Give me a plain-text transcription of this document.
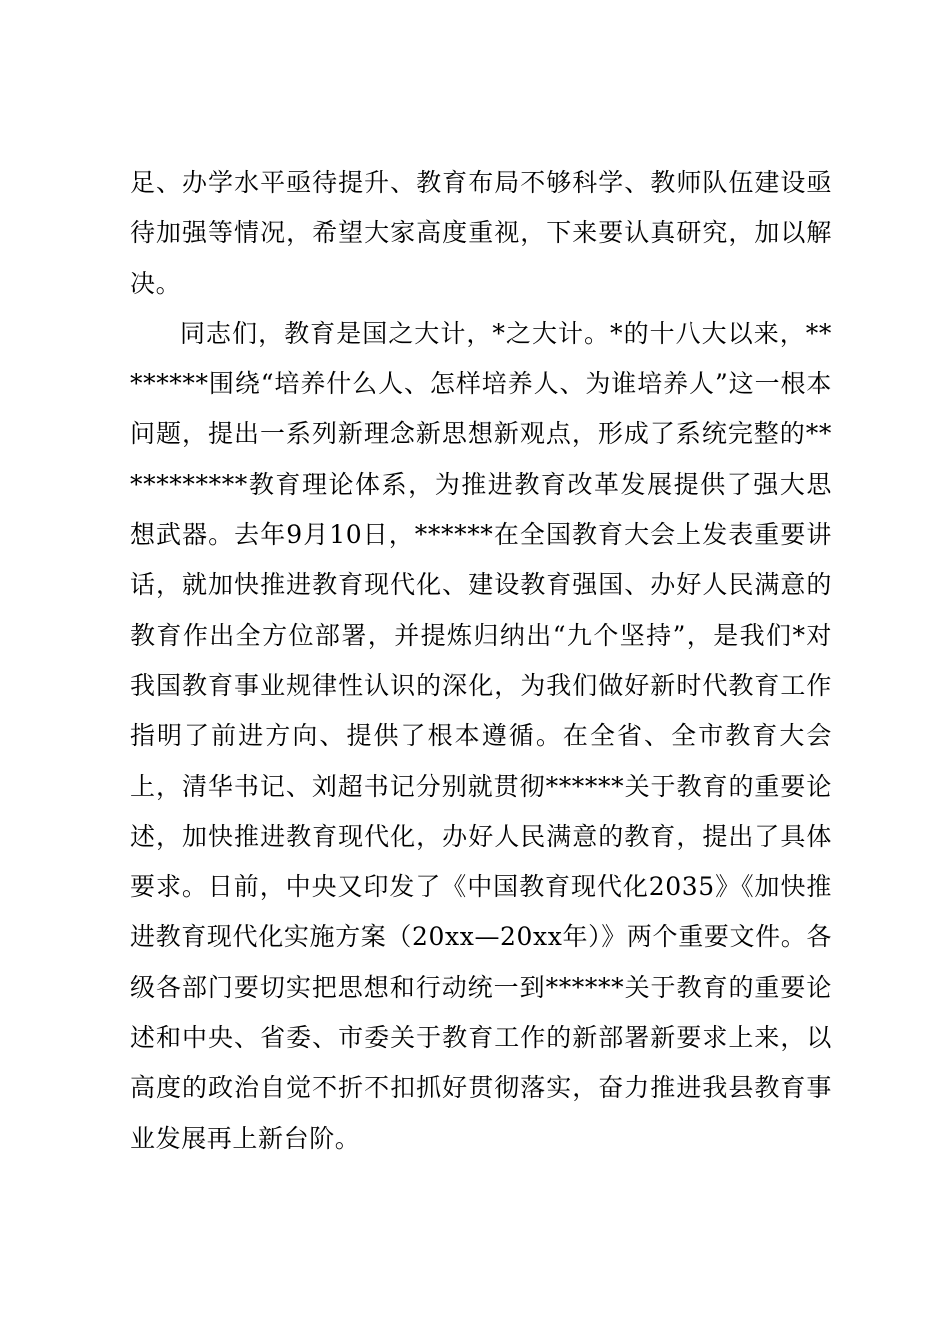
足、办学水平亟待提升、教育布局不够科学、教师队伍建设亟待加强等情况，希望大家高度重视，下来要认真研究，加以解决。

同志们，教育是国之大计，*之大计。*的十八大以来，********围绕“培养什么人、怎样培养人、为谁培养人”这一根本问题，提出一系列新理念新思想新观点，形成了系统完整的***********教育理论体系，为推进教育改革发展提供了强大思想武器。去年9月10日，******在全国教育大会上发表重要讲话，就加快推进教育现代化、建设教育强国、办好人民满意的教育作出全方位部署，并提炼归纳出“九个坚持”，是我们*对我国教育事业规律性认识的深化，为我们做好新时代教育工作指明了前进方向、提供了根本遵循。在全省、全市教育大会上，清华书记、刘超书记分别就贯彻******关于教育的重要论述，加快推进教育现代化，办好人民满意的教育，提出了具体要求。日前，中央又印发了《中国教育现代化2035》《加快推进教育现代化实施方案（20xx—20xx年）》两个重要文件。各级各部门要切实把思想和行动统一到******关于教育的重要论述和中央、省委、市委关于教育工作的新部署新要求上来，以高度的政治自觉不折不扣抓好贯彻落实，奋力推进我县教育事业发展再上新台阶。
